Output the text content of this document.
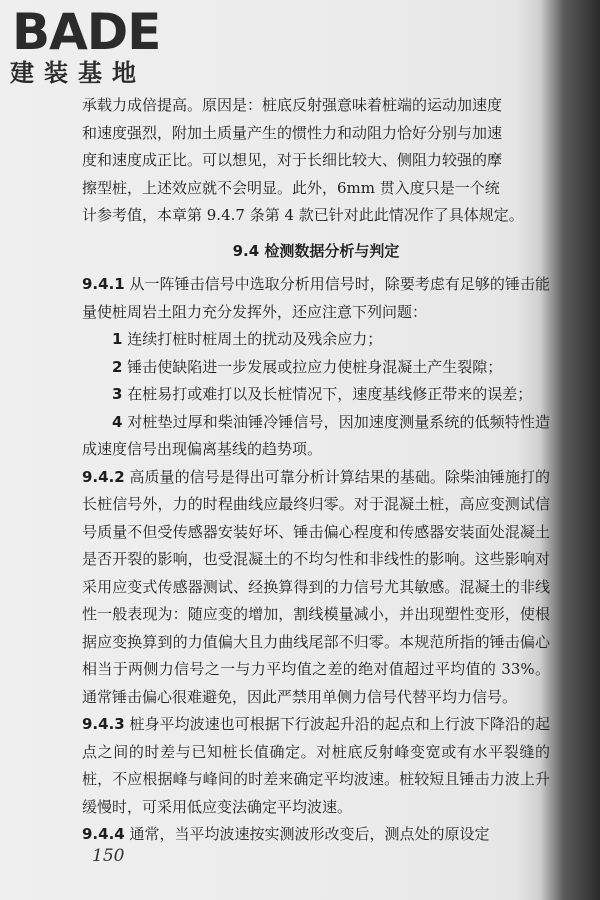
BADE
建装基地

承载力成倍提高。原因是：桩底反射强意味着桩端的运动加速度

和速度强烈，附加土质量产生的惯性力和动阻力恰好分别与加速

度和速度成正比。可以想见，对于长细比较大、侧阻力较强的摩

擦型桩，上述效应就不会明显。此外，6mm 贯入度只是一个统

计参考值，本章第 9.4.7 条第 4 款已针对此此情况作了具体规定。

9.4 检测数据分析与判定

9.4.1 从一阵锤击信号中选取分析用信号时，除要考虑有足够的锤击能量使桩周岩土阻力充分发挥外，还应注意下列问题：

1 连续打桩时桩周土的扰动及残余应力；

2 锤击使缺陷进一步发展或拉应力使桩身混凝土产生裂隙；

3 在桩易打或难打以及长桩情况下，速度基线修正带来的误差；

4 对桩垫过厚和柴油锤冷锤信号，因加速度测量系统的低频特性造成速度信号出现偏离基线的趋势项。

9.4.2 高质量的信号是得出可靠分析计算结果的基础。除柴油锤施打的长桩信号外，力的时程曲线应最终归零。对于混凝土桩，高应变测试信号质量不但受传感器安装好坏、锤击偏心程度和传感器安装面处混凝土是否开裂的影响，也受混凝土的不均匀性和非线性的影响。这些影响对采用应变式传感器测试、经换算得到的力信号尤其敏感。混凝土的非线性一般表现为：随应变的增加，割线模量减小，并出现塑性变形，使根据应变换算到的力值偏大且力曲线尾部不归零。本规范所指的锤击偏心相当于两侧力信号之一与力平均值之差的绝对值超过平均值的 33%。通常锤击偏心很难避免，因此严禁用单侧力信号代替平均力信号。

9.4.3 桩身平均波速也可根据下行波起升沿的起点和上行波下降沿的起点之间的时差与已知桩长值确定。对桩底反射峰变宽或有水平裂缝的桩，不应根据峰与峰间的时差来确定平均波速。桩较短且锤击力波上升缓慢时，可采用低应变法确定平均波速。

9.4.4 通常，当平均波速按实测波形改变后，测点处的原设定

150
